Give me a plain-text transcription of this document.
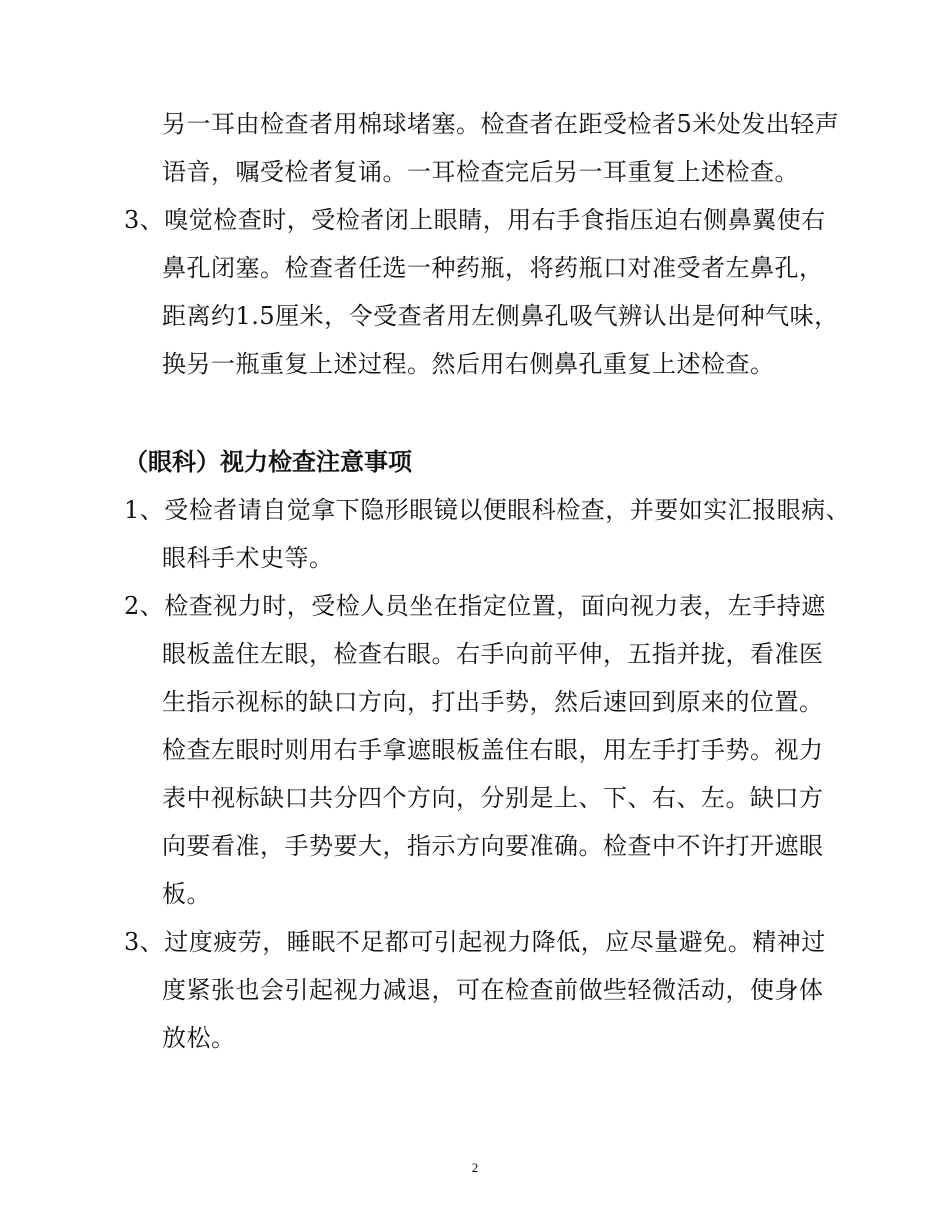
另一耳由检查者用棉球堵塞。检查者在距受检者5米处发出轻声
语音，嘱受检者复诵。一耳检查完后另一耳重复上述检查。
3、嗅觉检查时，受检者闭上眼睛，用右手食指压迫右侧鼻翼使右
鼻孔闭塞。检查者任选一种药瓶，将药瓶口对准受者左鼻孔，
距离约1.5厘米，令受查者用左侧鼻孔吸气辨认出是何种气味，
换另一瓶重复上述过程。然后用右侧鼻孔重复上述检查。
（眼科）视力检查注意事项
1、受检者请自觉拿下隐形眼镜以便眼科检查，并要如实汇报眼病、
眼科手术史等。
2、检查视力时，受检人员坐在指定位置，面向视力表，左手持遮
眼板盖住左眼，检查右眼。右手向前平伸，五指并拢，看准医
生指示视标的缺口方向，打出手势，然后速回到原来的位置。
检查左眼时则用右手拿遮眼板盖住右眼，用左手打手势。视力
表中视标缺口共分四个方向，分别是上、下、右、左。缺口方
向要看准，手势要大，指示方向要准确。检查中不许打开遮眼
板。
3、过度疲劳，睡眠不足都可引起视力降低，应尽量避免。精神过
度紧张也会引起视力减退，可在检查前做些轻微活动，使身体
放松。
2
